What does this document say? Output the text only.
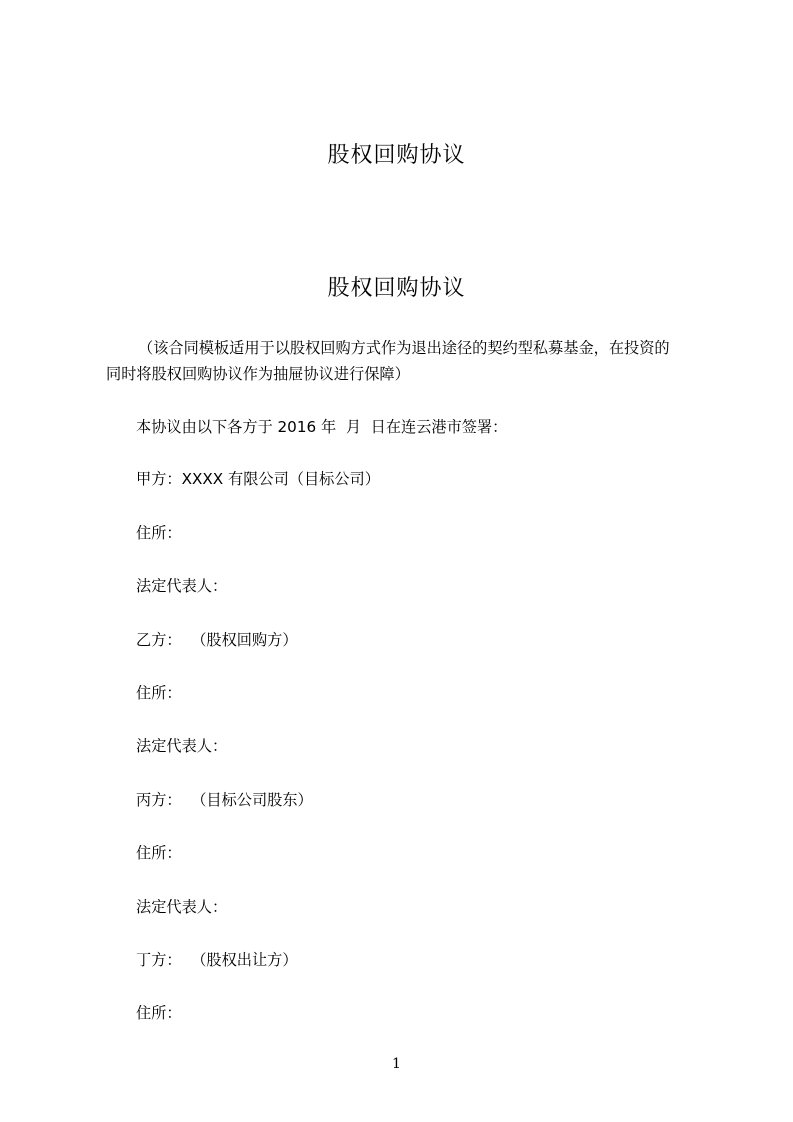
股权回购协议
股权回购协议
（该合同模板适用于以股权回购方式作为退出途径的契约型私募基金，在投资的
同时将股权回购协议作为抽屉协议进行保障）
本协议由以下各方于 2016 年  月  日在连云港市签署：
甲方：XXXX 有限公司（目标公司）
住所：
法定代表人：
乙方：  （股权回购方）
住所：
法定代表人：
丙方：  （目标公司股东）
住所：
法定代表人：
丁方：  （股权出让方）
住所：
1
